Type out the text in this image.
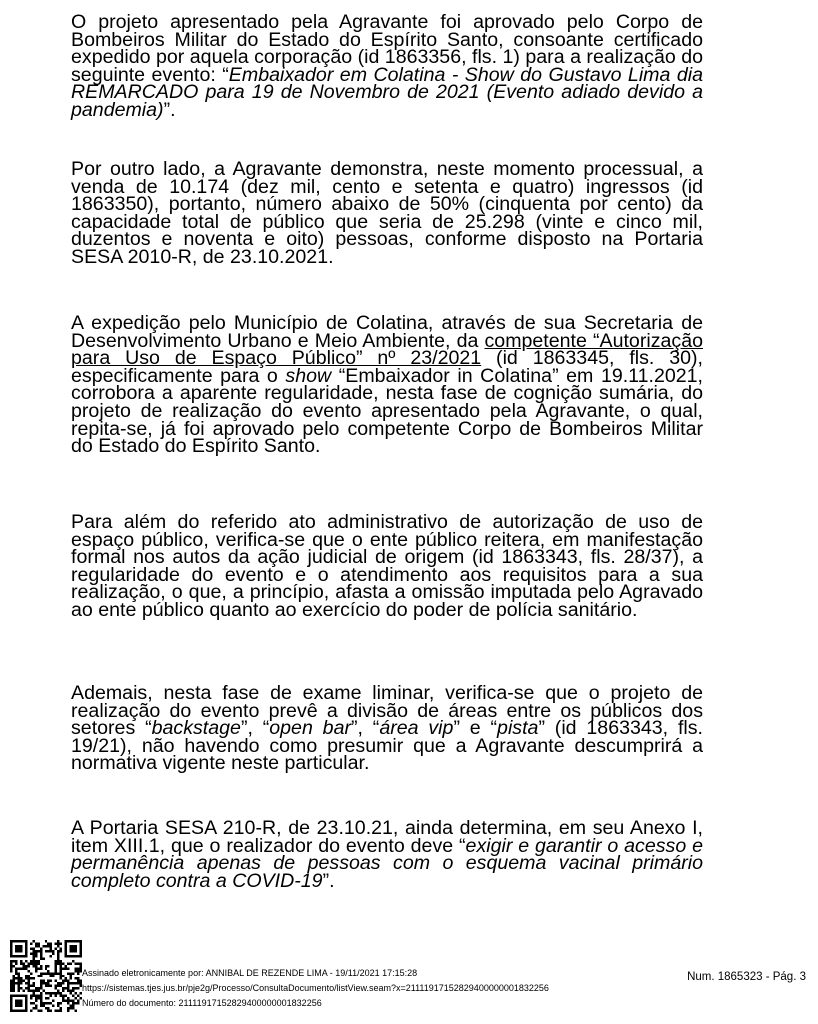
O projeto apresentado pela Agravante foi aprovado pelo Corpo de Bombeiros Militar do Estado do Espírito Santo, consoante certificado expedido por aquela corporação (id 1863356, fls. 1) para a realização do seguinte evento: “Embaixador em Colatina - Show do Gustavo Lima dia REMARCADO para 19 de Novembro de 2021 (Evento adiado devido a pandemia)”.

Por outro lado, a Agravante demonstra, neste momento processual, a venda de 10.174 (dez mil, cento e setenta e quatro) ingressos (id 1863350), portanto, número abaixo de 50% (cinquenta por cento) da capacidade total de público que seria de 25.298 (vinte e cinco mil, duzentos e noventa e oito) pessoas, conforme disposto na Portaria SESA 2010-R, de 23.10.2021.

A expedição pelo Município de Colatina, através de sua Secretaria de Desenvolvimento Urbano e Meio Ambiente, da competente “Autorização para Uso de Espaço Público” nº 23/2021 (id 1863345, fls. 30), especificamente para o show “Embaixador in Colatina” em 19.11.2021, corrobora a aparente regularidade, nesta fase de cognição sumária, do projeto de realização do evento apresentado pela Agravante, o qual, repita-se, já foi aprovado pelo competente Corpo de Bombeiros Militar do Estado do Espírito Santo.

Para além do referido ato administrativo de autorização de uso de espaço público, verifica-se que o ente público reitera, em manifestação formal nos autos da ação judicial de origem (id 1863343, fls. 28/37), a regularidade do evento e o atendimento aos requisitos para a sua realização, o que, a princípio, afasta a omissão imputada pelo Agravado ao ente público quanto ao exercício do poder de polícia sanitário.

Ademais, nesta fase de exame liminar, verifica-se que o projeto de realização do evento prevê a divisão de áreas entre os públicos dos setores “backstage”, “open bar”, “área vip” e “pista” (id 1863343, fls. 19/21), não havendo como presumir que a Agravante descumprirá a normativa vigente neste particular.

A Portaria SESA 210-R, de 23.10.21, ainda determina, em seu Anexo I, item XIII.1, que o realizador do evento deve “exigir e garantir o acesso e permanência apenas de pessoas com o esquema vacinal primário completo contra a COVID-19”.

Assinado eletronicamente por: ANNIBAL DE REZENDE LIMA - 19/11/2021 17:15:28
https://sistemas.tjes.jus.br/pje2g/Processo/ConsultaDocumento/listView.seam?x=21111917152829400000001832256
Número do documento: 21111917152829400000001832256
Num. 1865323 - Pág. 3
